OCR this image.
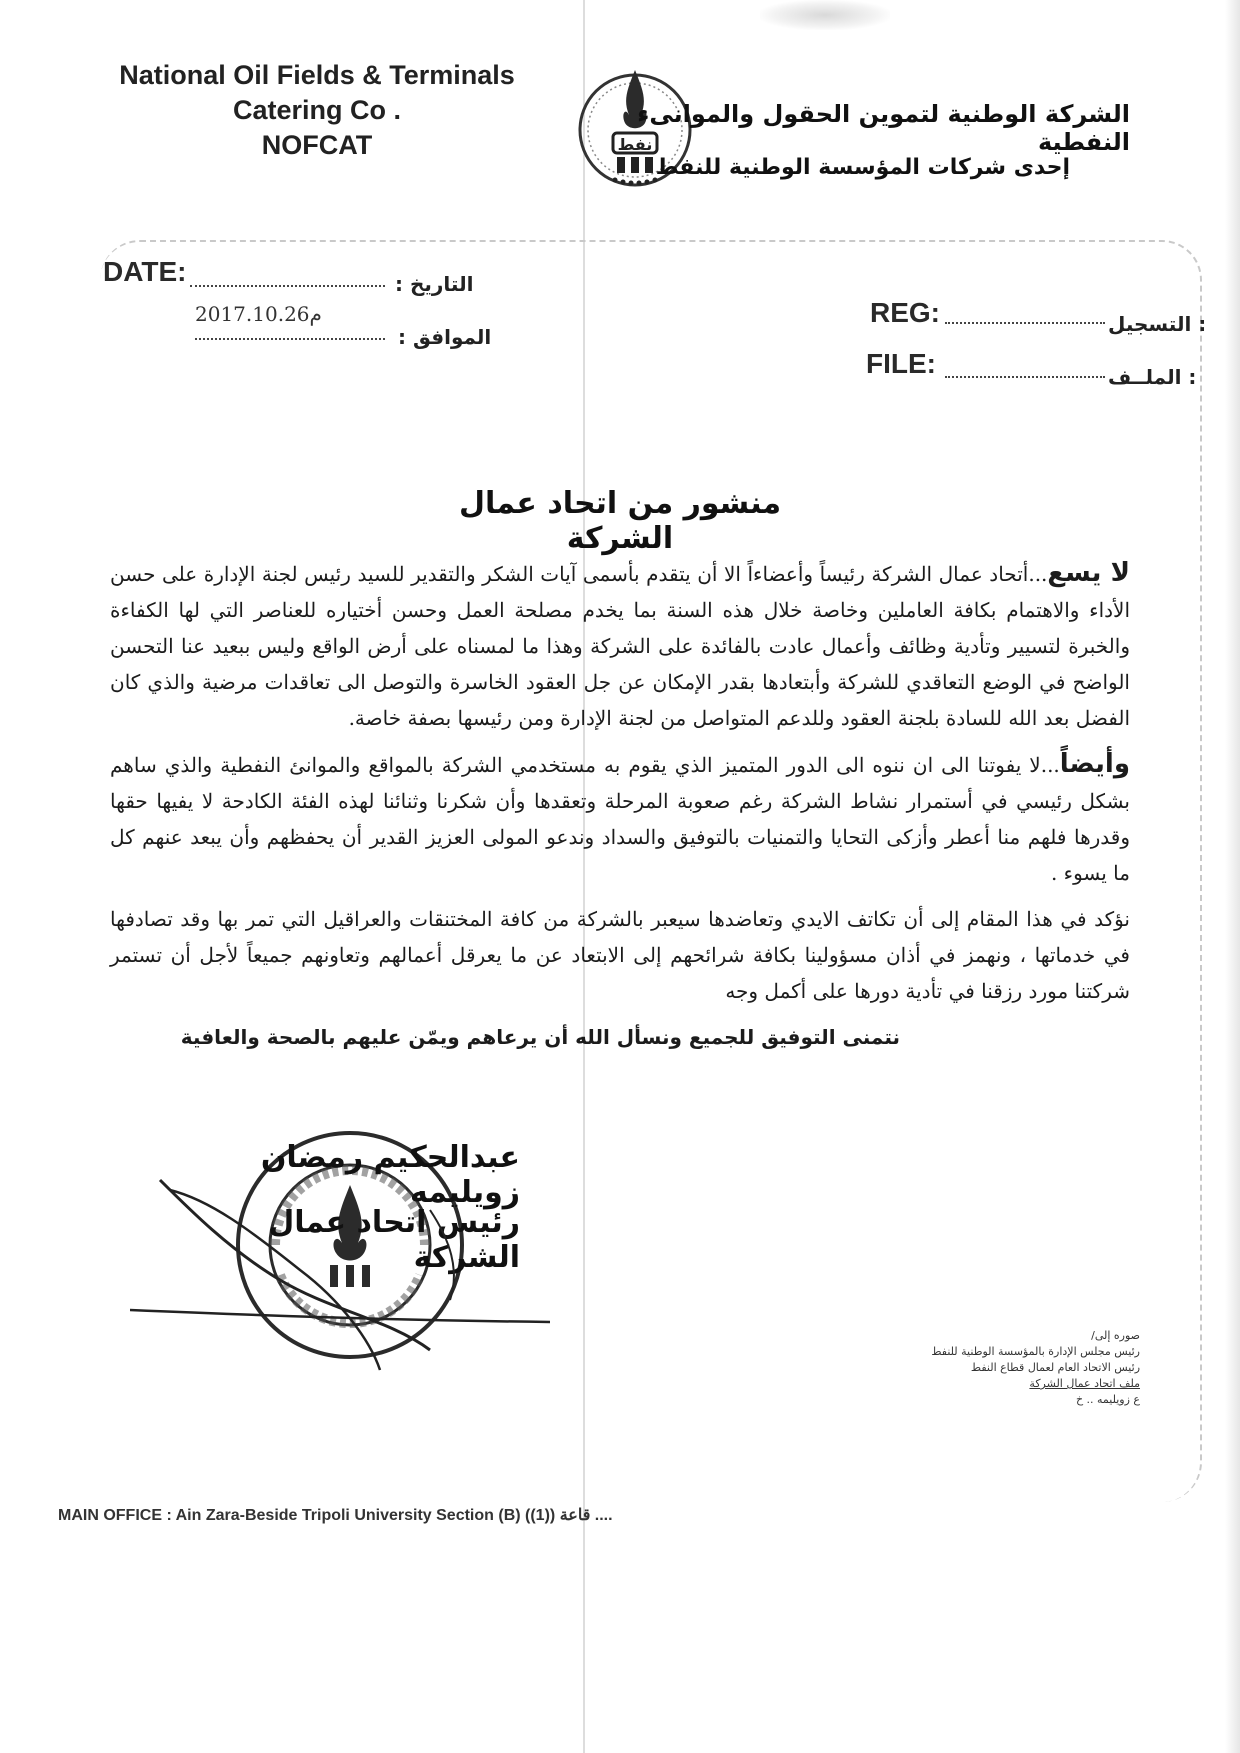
National Oil Fields & Terminals
Catering Co .
NOFCAT	نفط
الشركة الوطنية لتموين الحقول والموانىء النفطية
إحدى شركات المؤسسة الوطنية للنفط
DATE:	التاريخ :
2017.10.26م
الموافق :
REG:	: التسجيل
FILE:	: الملــف
منشور من اتحاد عمال الشركة

لا يسع...أتحاد عمال الشركة رئيساً وأعضاءاً الا أن يتقدم بأسمى آيات الشكر والتقدير للسيد رئيس لجنة الإدارة على حسن الأداء والاهتمام بكافة العاملين وخاصة خلال هذه السنة بما يخدم مصلحة العمل وحسن أختياره للعناصر التي لها الكفاءة والخبرة لتسيير وتأدية وظائف وأعمال عادت بالفائدة على الشركة وهذا ما لمسناه على أرض الواقع وليس ببعيد عنا التحسن الواضح في الوضع التعاقدي للشركة وأبتعادها بقدر الإمكان عن جل العقود الخاسرة والتوصل الى تعاقدات مرضية والذي كان الفضل بعد الله للسادة بلجنة العقود وللدعم المتواصل من لجنة الإدارة ومن رئيسها بصفة خاصة.

وأيضاً...لا يفوتنا الى ان ننوه الى الدور المتميز الذي يقوم به مستخدمي الشركة بالمواقع والموانئ النفطية والذي ساهم بشكل رئيسي في أستمرار نشاط الشركة رغم صعوبة المرحلة وتعقدها وأن شكرنا وثنائنا لهذه الفئة الكادحة لا يفيها حقها وقدرها فلهم منا أعطر وأزكى التحايا والتمنيات بالتوفيق والسداد وندعو المولى العزيز القدير أن يحفظهم وأن يبعد عنهم كل ما يسوء .

نؤكد في هذا المقام إلى أن تكاتف الايدي وتعاضدها سيعبر بالشركة من كافة المختنقات والعراقيل التي تمر بها وقد تصادفها في خدماتها ، ونهمز في أذان مسؤولينا بكافة شرائحهم إلى الابتعاد عن ما يعرقل أعمالهم وتعاونهم جميعاً لأجل أن تستمر شركتنا مورد رزقنا في تأدية دورها على أكمل وجه

نتمنى التوفيق للجميع ونسأل الله أن يرعاهم ويمّن عليهم بالصحة والعافية

عبدالحكيم رمضان زويليمه
رئيس اتحاد عمال الشركة
صوره إلى/
رئيس مجلس الإدارة بالمؤسسة الوطنية للنفط
رئيس الاتحاد العام لعمال قطاع النفط
ملف اتحاد عمال الشركة
ع زويليمه .. خ
MAIN OFFICE : Ain Zara-Beside Tripoli University Section (B) ((1)) قاعة ....
